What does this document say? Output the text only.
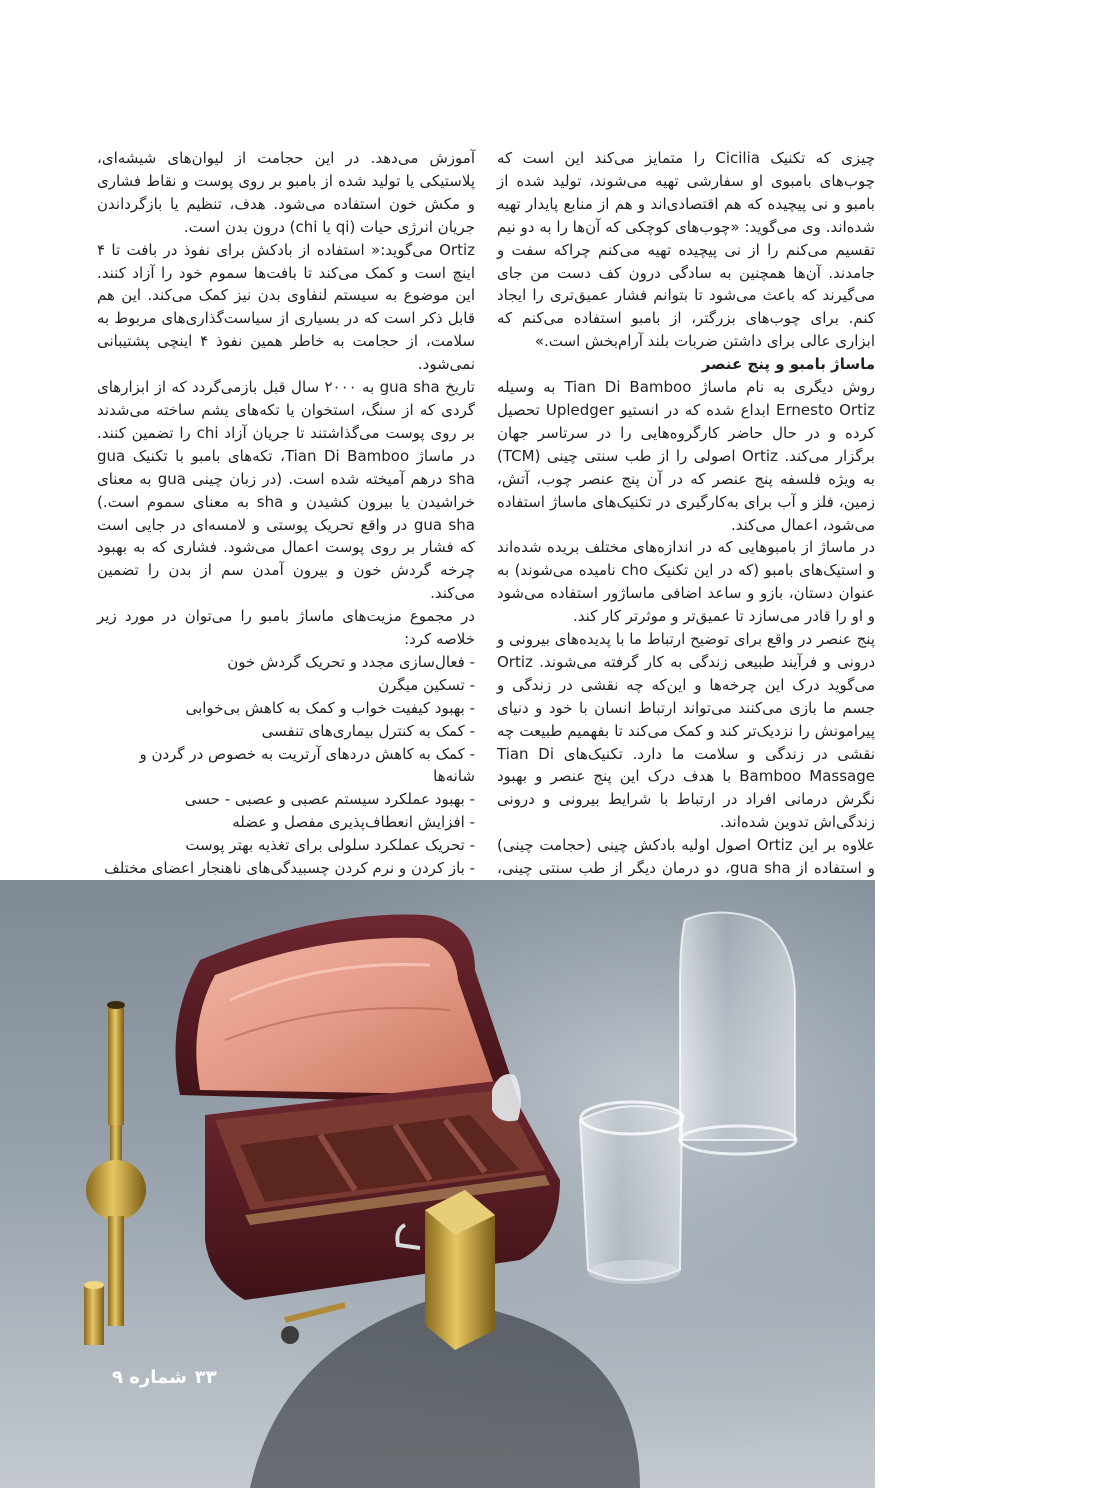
چیزی که تکنیک Cicilia را متمایز می‌کند این است که چوب‌های بامبوی او سفارشی تهیه می‌شوند، تولید شده از بامبو و نی پیچیده که هم اقتصادی‌اند و هم از منابع پایدار تهیه شده‌اند. وی می‌گوید: «چوب‌های کوچکی که آن‌ها را به دو نیم تقسیم می‌کنم را از نی پیچیده تهیه می‌کنم چراکه سفت و جامدند. آن‌ها همچنین به سادگی درون کف دست من جای می‌گیرند که باعث می‌شود تا بتوانم فشار عمیق‌تری را ایجاد کنم. برای چوب‌های بزرگتر، از بامبو استفاده می‌کنم که ابزاری عالی برای داشتن ضربات بلند آرام‌بخش است.»

ماساژ بامبو و پنج عنصر

روش دیگری به نام ماساژ Tian Di Bamboo به وسیله Ernesto Ortiz ابداع شده که در انستیو Upledger تحصیل کرده و در حال حاضر کارگروه‌هایی را در سرتاسر جهان برگزار می‌کند. Ortiz اصولی را از طب سنتی چینی (TCM) به ویژه فلسفه پنج عنصر که در آن پنج عنصر چوب، آتش، زمین، فلز و آب برای به‌کارگیری در تکنیک‌های ماساژ استفاده می‌شود، اعمال می‌کند.

در ماساژ از بامبوهایی که در اندازه‌های مختلف بریده شده‌اند و استیک‌های بامبو (که در این تکنیک cho نامیده می‌شوند) به عنوان دستان، بازو و ساعد اضافی ماساژور استفاده می‌شود و او را قادر می‌سازد تا عمیق‌تر و موثرتر کار کند.

پنج عنصر در واقع برای توضیح ارتباط ما با پدیده‌های بیرونی و درونی و فرآیند طبیعی زندگی به کار گرفته می‌شوند. Ortiz می‌گوید درک این چرخه‌ها و این‌که چه نقشی در زندگی و جسم ما بازی می‌کنند می‌تواند ارتباط انسان با خود و دنیای پیرامونش را نزدیک‌تر کند و کمک می‌کند تا بفهمیم طبیعت چه نقشی در زندگی و سلامت ما دارد. تکنیک‌های Tian Di Bamboo Massage با هدف درک این پنج عنصر و بهبود نگرش درمانی افراد در ارتباط با شرایط بیرونی و درونی زندگی‌اش تدوین شده‌اند.

علاوه بر این Ortiz اصول اولیه بادکش چینی (حجامت چینی) و استفاده از gua sha، دو درمان دیگر از طب سنتی چینی،

آموزش می‌دهد. در این حجامت از لیوان‌های شیشه‌ای، پلاستیکی یا تولید شده از بامبو بر روی پوست و نقاط فشاری و مکش خون استفاده می‌شود. هدف، تنظیم یا بازگرداندن جریان انرژی حیات (qi یا chi) درون بدن است.

Ortiz می‌گوید:« استفاده از بادکش برای نفوذ در بافت تا ۴ اینچ است و کمک می‌کند تا بافت‌ها سموم خود را آزاد کنند. این موضوع به سیستم لنفاوی بدن نیز کمک می‌کند. این هم قابل ذکر است که در بسیاری از سیاست‌گذاری‌های مربوط به سلامت، از حجامت به خاطر همین نفوذ ۴ اینچی پشتیبانی نمی‌شود.

تاریخ gua sha به ۲۰۰۰ سال قبل بازمی‌گردد که از ابزارهای گردی که از سنگ، استخوان یا تکه‌های یشم ساخته می‌شدند بر روی پوست می‌گذاشتند تا جریان آزاد chi را تضمین کنند. در ماساژ Tian Di Bamboo، تکه‌های بامبو با تکنیک gua sha درهم آمیخته شده است. (در زبان چینی gua به معنای خراشیدن یا بیرون کشیدن و sha به معنای سموم است.) gua sha در واقع تحریک پوستی و لامسه‌ای در جایی است که فشار بر روی پوست اعمال می‌شود. فشاری که به بهبود چرخه گردش خون و بیرون آمدن سم از بدن را تضمین می‌کند.

در مجموع مزیت‌های ماساژ بامبو را می‌توان در مورد زیر خلاصه کرد:

- فعال‌سازی مجدد و تحریک گردش خون
- تسکین میگرن
- بهبود کیفیت خواب و کمک به کاهش بی‌خوابی
- کمک به کنترل بیماری‌های تنفسی
- کمک به کاهش دردهای آرتریت به خصوص در گردن و شانه‌ها
- بهبود عملکرد سیستم عصبی و عصبی - حسی
- افزایش انعطاف‌پذیری مفصل و عضله
- تحریک عملکرد سلولی برای تغذیه بهتر پوست
- باز کردن و نرم کردن چسبیدگی‌های ناهنجار اعضای مختلف
۳۳
شماره ۹
